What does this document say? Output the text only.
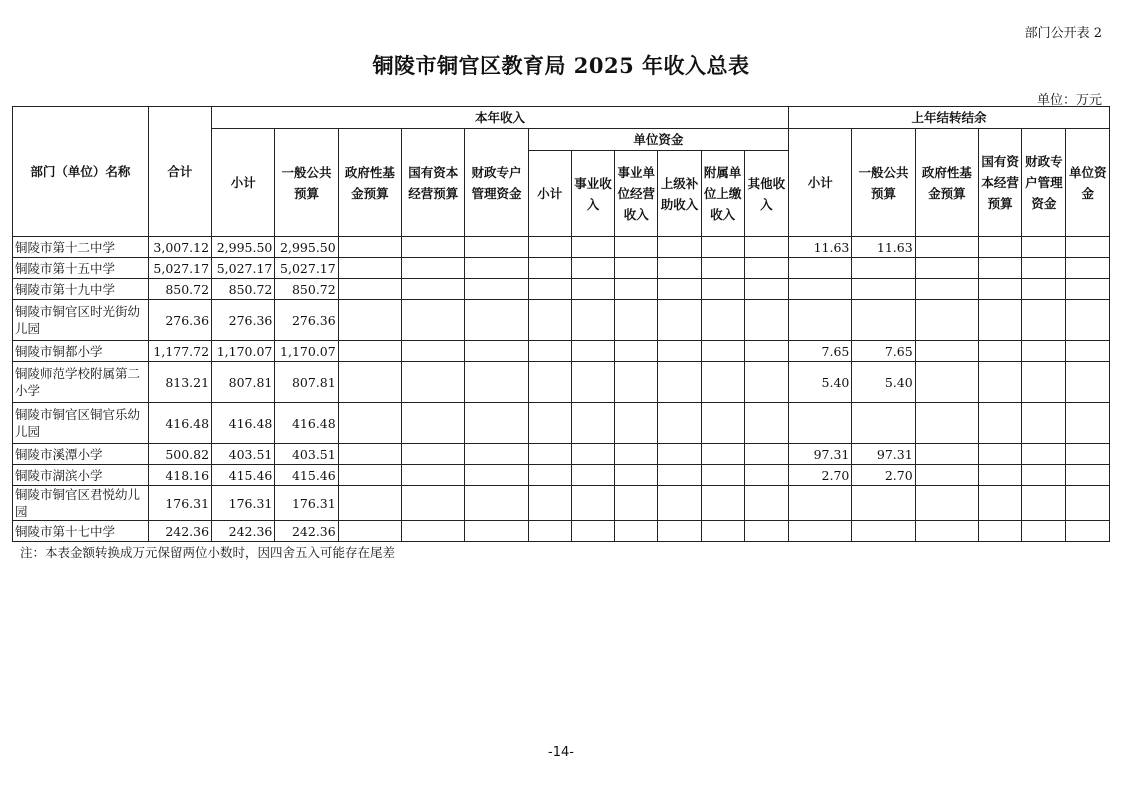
部门公开表 2
铜陵市铜官区教育局 2025 年收入总表
单位：万元
部门（单位）名称	合计	本年收入											上年结转结余					
		小计	一般公共预算	政府性基金预算	国有资本经营预算	财政专户管理资金	单位资金						小计	一般公共预算	政府性基金预算	国有资本经营预算	财政专户管理资金	单位资金
							小计	事业收入	事业单位经营收入	上级补助收入	附属单位上缴收入	其他收入						
铜陵市第十二中学	3,007.12	2,995.50	2,995.50										11.63	11.63				
铜陵市第十五中学	5,027.17	5,027.17	5,027.17															
铜陵市第十九中学	850.72	850.72	850.72															
铜陵市铜官区时光街幼儿园	276.36	276.36	276.36															
铜陵市铜都小学	1,177.72	1,170.07	1,170.07										7.65	7.65				
铜陵师范学校附属第二小学	813.21	807.81	807.81										5.40	5.40				
铜陵市铜官区铜官乐幼儿园	416.48	416.48	416.48															
铜陵市溪潭小学	500.82	403.51	403.51										97.31	97.31				
铜陵市湖滨小学	418.16	415.46	415.46										2.70	2.70				
铜陵市铜官区君悦幼儿园	176.31	176.31	176.31															
铜陵市第十七中学	242.36	242.36	242.36															
注：本表金额转换成万元保留两位小数时，因四舍五入可能存在尾差
-14-
